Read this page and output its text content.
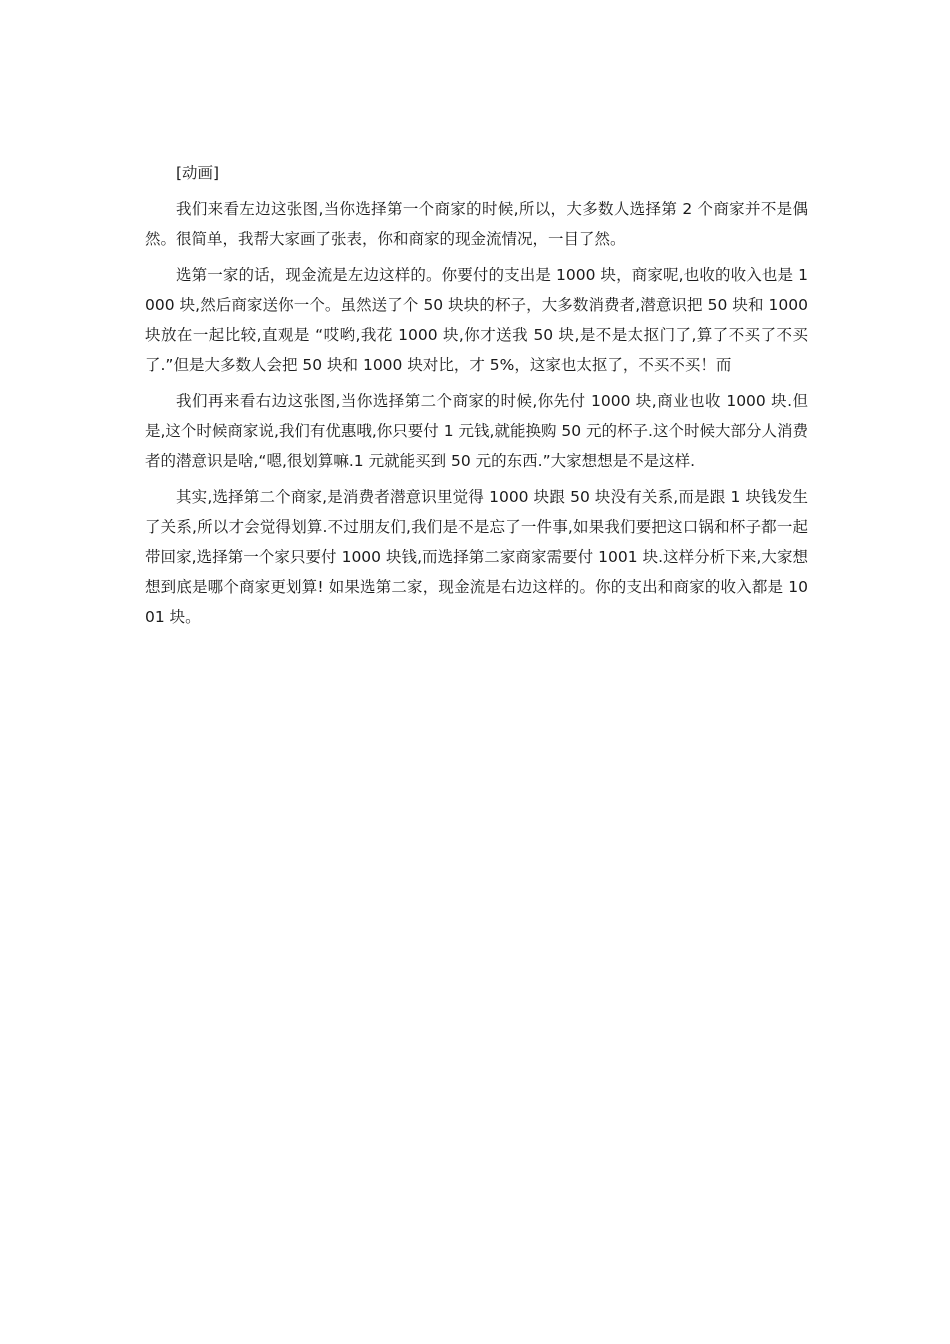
[动画]

我们来看左边这张图,当你选择第一个商家的时候,所以，大多数人选择第 2 个商家并不是偶然。很简单，我帮大家画了张表，你和商家的现金流情况，一目了然。

选第一家的话，现金流是左边这样的。你要付的支出是 1000 块，商家呢,也收的收入也是 1000 块,然后商家送你一个。虽然送了个 50 块块的杯子，大多数消费者,潜意识把 50 块和 1000 块放在一起比较,直观是 “哎哟,我花 1000 块,你才送我 50 块,是不是太抠门了,算了不买了不买了.”但是大多数人会把 50 块和 1000 块对比，才 5%，这家也太抠了，不买不买！而

我们再来看右边这张图,当你选择第二个商家的时候,你先付 1000 块,商业也收 1000 块.但是,这个时候商家说,我们有优惠哦,你只要付 1 元钱,就能换购 50 元的杯子.这个时候大部分人消费者的潜意识是啥,“嗯,很划算嘛.1 元就能买到 50 元的东西.”大家想想是不是这样.

其实,选择第二个商家,是消费者潜意识里觉得 1000 块跟 50 块没有关系,而是跟 1 块钱发生了关系,所以才会觉得划算.不过朋友们,我们是不是忘了一件事,如果我们要把这口锅和杯子都一起带回家,选择第一个家只要付 1000 块钱,而选择第二家商家需要付 1001 块.这样分析下来,大家想想到底是哪个商家更划算! 如果选第二家，现金流是右边这样的。你的支出和商家的收入都是 1001 块。
